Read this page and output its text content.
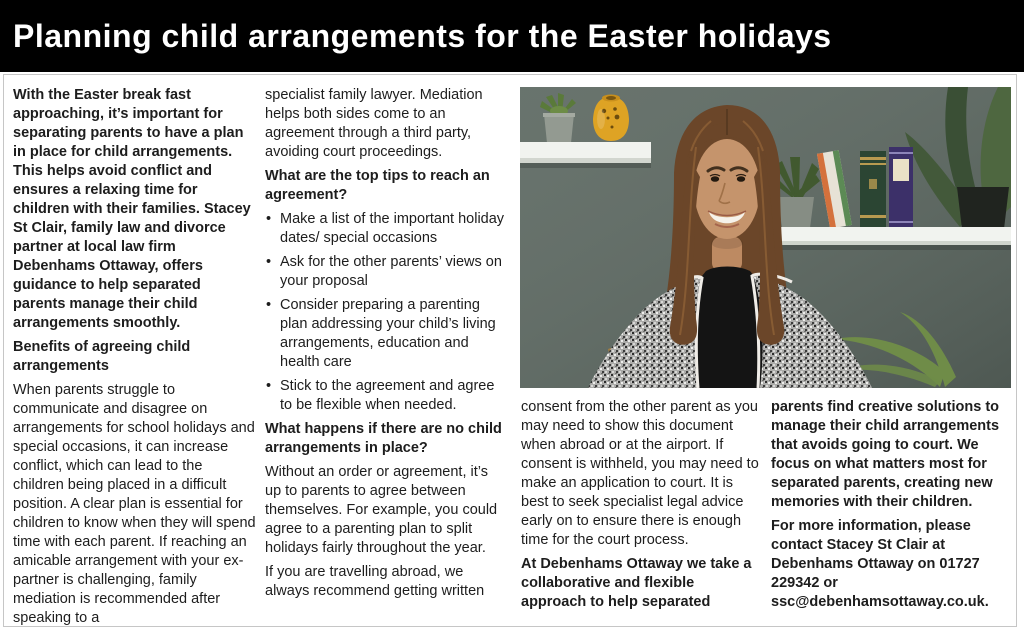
Planning child arrangements for the Easter holidays

With the Easter break fast approaching, it’s important for separating parents to have a plan in place for child arrangements. This helps avoid conflict and ensures a relaxing time for children with their families. Stacey St Clair, family law and divorce partner at local law firm Debenhams Ottaway, offers guidance to help separated parents manage their child arrangements smoothly.

Benefits of agreeing child arrangements

When parents struggle to communicate and disagree on arrangements for school holidays and special occasions, it can increase conflict, which can lead to the children being placed in a difficult position. A clear plan is essential for children to know when they will spend time with each parent. If reaching an amicable arrangement with your ex-partner is challenging, family mediation is recommended after speaking to a

specialist family lawyer. Mediation helps both sides come to an agreement through a third party, avoiding court proceedings.

What are the top tips to reach an agreement?

• Make a list of the important holiday dates/ special occasions
• Ask for the other parents’ views on your proposal
• Consider preparing a parenting plan addressing your child’s living arrangements, education and health care
• Stick to the agreement and agree to be flexible when needed.

What happens if there are no child arrangements in place?

Without an order or agreement, it’s up to parents to agree between themselves. For example, you could agree to a parenting plan to split holidays fairly throughout the year.

If you are travelling abroad, we always recommend getting written

consent from the other parent as you may need to show this document when abroad or at the airport. If consent is withheld, you may need to make an application to court. It is best to seek specialist legal advice early on to ensure there is enough time for the court process.

At Debenhams Ottaway we take a collaborative and flexible approach to help separated

parents find creative solutions to manage their child arrangements that avoids going to court. We focus on what matters most for separated parents, creating new memories with their children.

For more information, please contact Stacey St Clair at Debenhams Ottaway on 01727 229342 or ssc@debenhamsottaway.co.uk.
